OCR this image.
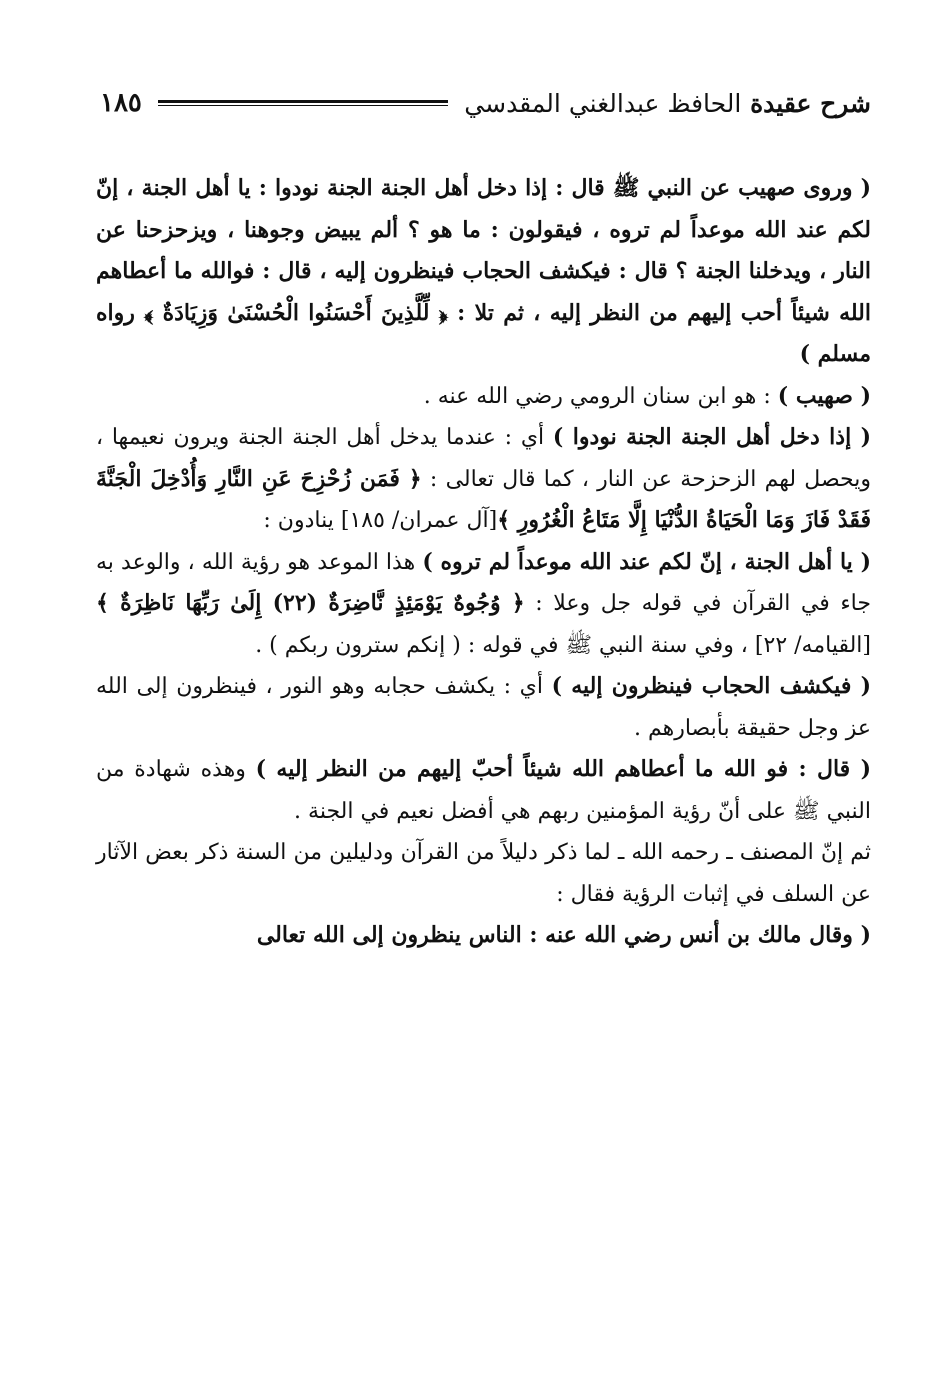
شرح عقيدة الحافظ عبدالغني المقدسي
١٨٥

( وروى صهيب عن النبي ﷺ قال : إذا دخل أهل الجنة الجنة نودوا : يا أهل الجنة ، إنّ لكم عند الله موعداً لم تروه ، فيقولون : ما هو ؟ ألم يبيض وجوهنا ، ويزحزحنا عن النار ، ويدخلنا الجنة ؟ قال : فيكشف الحجاب فينظرون إليه ، قال : فوالله ما أعطاهم الله شيئاً أحب إليهم من النظر إليه ، ثم تلا : ﴿ لِّلَّذِينَ أَحْسَنُوا الْحُسْنَىٰ وَزِيَادَةٌ ﴾ رواه مسلم )

( صهيب ) : هو ابن سنان الرومي رضي الله عنه .

( إذا دخل أهل الجنة الجنة نودوا ) أي : عندما يدخل أهل الجنة الجنة ويرون نعيمها ، ويحصل لهم الزحزحة عن النار ، كما قال تعالى : ﴿ فَمَن زُحْزِحَ عَنِ النَّارِ وَأُدْخِلَ الْجَنَّةَ فَقَدْ فَازَ وَمَا الْحَيَاةُ الدُّنْيَا إِلَّا مَتَاعُ الْغُرُورِ ﴾[آل عمران/ ١٨٥] ينادون :

( يا أهل الجنة ، إنّ لكم عند الله موعداً لم تروه ) هذا الموعد هو رؤية الله ، والوعد به جاء في القرآن في قوله جل وعلا : ﴿ وُجُوهٌ يَوْمَئِذٍ نَّاضِرَةٌ (٢٢) إِلَىٰ رَبِّهَا نَاظِرَةٌ ﴾ [القيامه/ ٢٢] ، وفي سنة النبي ﷺ في قوله : ( إنكم سترون ربكم ) .

( فيكشف الحجاب فينظرون إليه ) أي : يكشف حجابه وهو النور ، فينظرون إلى الله عز وجل حقيقة بأبصارهم .

( قال : فو الله ما أعطاهم الله شيئاً أحبّ إليهم من النظر إليه ) وهذه شهادة من النبي ﷺ على أنّ رؤية المؤمنين ربهم هي أفضل نعيم في الجنة .

ثم إنّ المصنف ـ رحمه الله ـ لما ذكر دليلاً من القرآن ودليلين من السنة ذكر بعض الآثار عن السلف في إثبات الرؤية فقال :

( وقال مالك بن أنس رضي الله عنه : الناس ينظرون إلى الله تعالى
